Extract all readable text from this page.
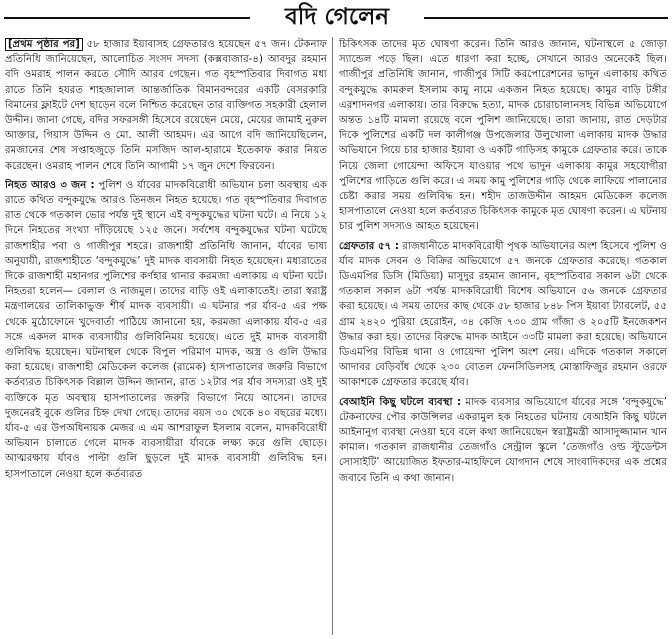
বদি গেলেন

[প্রথম পৃষ্ঠার পর] ৫৮ হাজার ইয়াবাসহ গ্রেফতারও হয়েছেন ৫৭ জন। টেকনাফ প্রতিনিধি জানিয়েছেন, আলোচিত সংসদ সদস্য (কক্সবাজার-৪) আবদুর রহমান বদি ওমরাহ পালন করতে সৌদি আরব গেছেন। গত বৃহস্পতিবার দিবাগত মধ্য রাতে তিনি হযরত শাহজালাল আন্তর্জাতিক বিমানবন্দরের একটি বেসরকারি বিমানের ফ্লাইটে দেশ ছাড়েন বলে নিশ্চিত করেছেন তার ব্যক্তিগত সহকারী হেলাল উদ্দীন। জানা গেছে, বদির সফরসঙ্গী হিসেবে রয়েছেন মেয়ে, মেয়ের জামাই নুরুল আক্তার, গিয়াস উদ্দিন ও মো. আলী আহমদ। এর আগে বদি জানিয়েছিলেন, রমজানের শেষ সপ্তাহজুড়ে তিনি মসজিদ আল-হারামে ইতেকাফ করার নিয়ত করেছেন। ওমরাহ পালন শেষে তিনি আগামী ১৭ জুন দেশে ফিরবেন।

নিহত আরও ৩ জন : পুলিশ ও র্যাবের মাদকবিরোধী অভিযান চলা অবস্থায় এক রাতে কথিত বন্দুকযুদ্ধে আরও তিনজন নিহত হয়েছে। গত বৃহস্পতিবার দিবাগত রাত থেকে গতকাল ভোর পর্যন্ত দুই স্থানে এই বন্দুকযুদ্ধের ঘটনা ঘটে। এ নিয়ে ১২ দিনে নিহতের সংখ্যা দাঁড়িয়েছে ১২৫ জনে। সর্বশেষ বন্দুকযুদ্ধের ঘটনা ঘটেছে রাজশাহীর পবা ও গাজীপুর শহরে। রাজশাহী প্রতিনিধি জানান, র্যাবের ভাষ্য অনুযায়ী, রাজশাহীতে ‘বন্দুকযুদ্ধে’ দুই মাদক ব্যবসায়ী নিহত হয়েছেন। মধ্যরাতের দিকে রাজশাহী মহানগর পুলিশের কর্ণহার থানার করমজা এলাকায় এ ঘটনা ঘটে। নিহতরা হলেন— বেলাল ও নাজমুল। তাদের বাড়ি ওই এলাকাতেই। তারা স্বরাষ্ট্র মন্ত্রণালয়ের তালিকাভুক্ত শীর্ষ মাদক ব্যবসায়ী। এ ঘটনার পর র্যাব-৫ এর পক্ষ থেকে মুঠোফোনে খুদেবার্তা পাঠিয়ে জানানো হয়, করমজা এলাকায় র্যাব-৫ এর সঙ্গে একদল মাদক ব্যবসায়ীর গুলিবিনিময় হয়েছে। এতে দুই মাদক ব্যবসায়ী গুলিবিদ্ধ হয়েছেন। ঘটনাস্থল থেকে বিপুল পরিমাণ মাদক, অস্ত্র ও গুলি উদ্ধার করা হয়েছে। রাজশাহী মেডিকেল কলেজ (রামেক) হাসপাতালের জরুরি বিভাগে কর্তব্যরত চিকিৎসক বিল্লাল উদ্দিন জানান, রাত ১২টার পর র্যাব সদস্যরা ওই দুই ব্যক্তিকে মৃত অবস্থায় হাসপাতালের জরুরি বিভাগে নিয়ে আসেন। তাদের দুজনেরই বুকে গুলির চিহ্ন দেখা গেছে। তাদের বয়স ৩০ থেকে ৪০ বছরের মধ্যে। র্যাব-৫ এর উপঅধিনায়ক মেজর এ এম আশরাফুল ইসলাম বলেন, মাদকবিরোধী অভিযান চালাতে গেলে মাদক ব্যবসায়ীরা র্যাবকে লক্ষ্য করে গুলি ছোড়ে। আত্মরক্ষায় র্যাবও পাল্টা গুলি ছুড়লে দুই মাদক ব্যবসায়ী গুলিবিদ্ধ হন। হাসপাতালে নেওয়া হলে কর্তব্যরত

চিকিৎসক তাদের মৃত ঘোষণা করেন। তিনি আরও জানান, ঘটনাস্থলে ৫ জোড়া স্যান্ডেল পড়ে ছিল। এতে ধারণা করা হচ্ছে, সেখানে আরও অনেকেই ছিল। গাজীপুর প্রতিনিধি জানান, গাজীপুর সিটি করপোরেশনের ভাদুন এলাকায় কথিত বন্দুকযুদ্ধে কামরুল ইসলাম কামু নামে একজন নিহত হয়েছে। কামুর বাড়ি টঙ্গীর এরশাদনগর এলাকায়। তার বিরুদ্ধে হত্যা, মাদক চোরাচালানসহ বিভিন্ন অভিযোগে অন্তত ১৪টি মামলা রয়েছে বলে পুলিশ জানিয়েছে। তারা জানায়, রাত দেড়টার দিকে পুলিশের একটি দল কালীগঞ্জ উপজেলার উলুখোলা এলাকায় মাদক উদ্ধার অভিযানে গিয়ে চার হাজার ইয়াবা ও একটি গাড়িসহ কামুকে গ্রেফতার করে। তাকে নিয়ে জেলা গোয়েন্দা অফিসে যাওয়ার পথে ভাদুন এলাকায় কামুর সহযোগীরা পুলিশের গাড়িতে গুলি করে। এ সময় কামু পুলিশের গাড়ি থেকে লাফিয়ে পালানোর চেষ্টা করার সময় গুলিবিদ্ধ হন। শহীদ তাজউদ্দীন আহমদ মেডিকেল কলেজ হাসপাতালে নেওয়া হলে কর্তব্যরত চিকিৎসক কামুকে মৃত ঘোষণা করেন। এ ঘটনায় চার পুলিশ সদস্যও আহত হয়েছেন।

গ্রেফতার ৫৭ : রাজধানীতে মাদকবিরোধী পৃথক অভিযানের অংশ হিসেবে পুলিশ ও র্যাব মাদক সেবন ও বিক্রির অভিযোগে ৫৭ জনকে গ্রেফতার করেছে। গতকাল ডিএমপির ডিসি (মিডিয়া) মাসুদুর রহমান জানান, বৃহস্পতিবার সকাল ৬টা থেকে গতকাল সকাল ৬টা পর্যন্ত মাদকবিরোধী বিশেষ অভিযানে ৫৬ জনকে গ্রেফতার করা হয়েছে। এ সময় তাদের কাছ থেকে ৫৮ হাজার ৮৪৮ পিস ইয়াবা ট্যাবলেট, ৫৫ গ্রাম ২৪২০ পুরিয়া হেরোইন, ৩৪ কেজি ৭৩০ গ্রাম গাঁজা ও ২০৫টি ইনজেকশন উদ্ধার করা হয়। তাদের বিরুদ্ধে মাদক আইনে ৩৩টি মামলা করা হয়েছে। অভিযানে ডিএমপির বিভিন্ন থানা ও গোয়েন্দা পুলিশ অংশ নেয়। এদিকে গতকাল সকালে আদাবর বেড়িবাঁধ থেকে ২৩০ বোতল ফেনসিডিলসহ মোস্তাফিজুর রহমান ওরফে আকাশকে গ্রেফতার করেছে র্যাব।

বেআইনি কিছু ঘটলে ব্যবস্থা : মাদক ব্যবসার অভিযোগে র্যাবের সঙ্গে ‘বন্দুকযুদ্ধে’ টেকনাফের পৌর কাউন্সিলর একরামুল হক নিহতের ঘটনায় বেআইনি কিছু ঘটলে আইনানুগ ব্যবস্থা নেওয়া হবে বলে কথা জানিয়েছেন স্বরাষ্ট্রমন্ত্রী আসাদুজ্জামান খান কামাল। গতকাল রাজধানীর তেজগাঁও সেন্ট্রাল স্কুলে ‘তেজগাঁও ওল্ড স্টুডেন্টস সোসাইটি’ আয়োজিত ইফতার-মাহফিলে যোগদান শেষে সাংবাদিকদের এক প্রশ্নের জবাবে তিনি এ কথা জানান।
